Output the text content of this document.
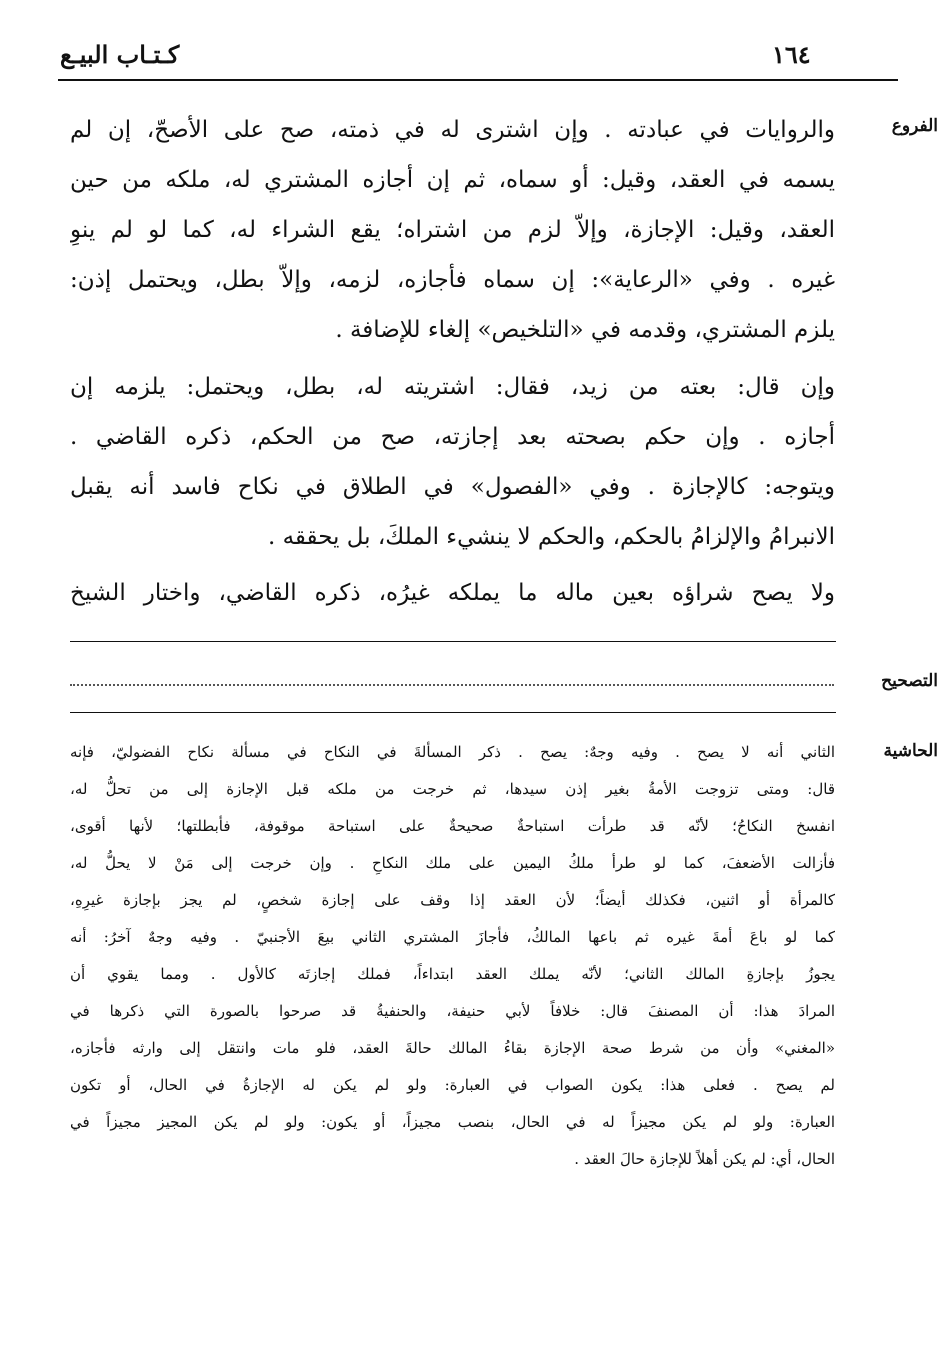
كـتـاب البيـع	١٦٤
الفروع
والروايات في عبادته . وإن اشترى له في ذمته، صح على الأصحّ، إن لم
يسمه في العقد، وقيل: أو سماه، ثم إن أجازه المشتري له، ملكه من حين
العقد، وقيل: الإجازة، وإلاّ لزم من اشتراه؛ يقع الشراء له، كما لو لم ينوِ
غيره . وفي «الرعاية»: إن سماه فأجازه، لزمه، وإلاّ بطل، ويحتمل إذن:
يلزم المشتري، وقدمه في «التلخيص» إلغاء للإضافة .
وإن قال: بعته من زيد، فقال: اشتريته له، بطل، ويحتمل: يلزمه إن
أجازه . وإن حكم بصحته بعد إجازته، صح من الحكم، ذكره القاضي .
ويتوجه: كالإجازة . وفي «الفصول» في الطلاق في نكاح فاسد أنه يقبل
الانبرامُ والإلزامُ بالحكم، والحكم لا ينشيء الملكَ، بل يحققه .
ولا يصح شراؤه بعين ماله ما يملكه غيرُه، ذكره القاضي، واختار الشيخ
التصحيح
الحاشية
الثاني أنه لا يصح . وفيه وجهٌ: يصح . ذكر المسألةَ في النكاح في مسألة نكاح الفضوليّ، فإنه
قال: ومتى تزوجت الأمةُ بغير إذن سيدها، ثم خرجت من ملكه قبل الإجازة إلى من تحلُّ له،
انفسخ النكاحُ؛ لأنّه قد طرأت استباحةٌ صحيحةٌ على استباحة موقوفة، فأبطلتها؛ لأنها أقوى،
فأزالت الأضعفَ، كما لو طرأ ملكُ اليمين على ملك النكاحِ . وإن خرجت إلى مَنْ لا يحلُّ له،
كالمرأة أو اثنين، فكذلك أيضاً؛ لأن العقد إذا وقف على إجازة شخصٍ، لم يجز بإجازة غيرِهِ،
كما لو باعَ أمةَ غيره ثم باعها المالكُ، فأجازَ المشتري الثاني بيعَ الأجنبيّ . وفيه وجهٌ آخرُ: أنه
يجوزُ بإجازةِ المالك الثاني؛ لأنّه يملك العقد ابتداءاً، فملك إجازتَه كالأول . ومما يقوي أن
المرادَ هذا: أن المصنفَ قال: خلافاً لأبي حنيفة، والحنفيةُ قد صرحوا بالصورة التي ذكرها في
«المغني» وأن من شرط صحة الإجازة بقاءُ المالك حالةَ العقد، فلو مات وانتقل إلى وارثه فأجازه،
لم يصح . فعلى هذا: يكون الصواب في العبارة: ولو لم يكن له الإجازةُ في الحال، أو تكون
العبارة: ولو لم يكن مجيزاً له في الحال، بنصب مجيزاً، أو يكون: ولو لم يكن المجيز مجيزاً في
الحال، أي: لم يكن أهلاً للإجازة حالَ العقد .
